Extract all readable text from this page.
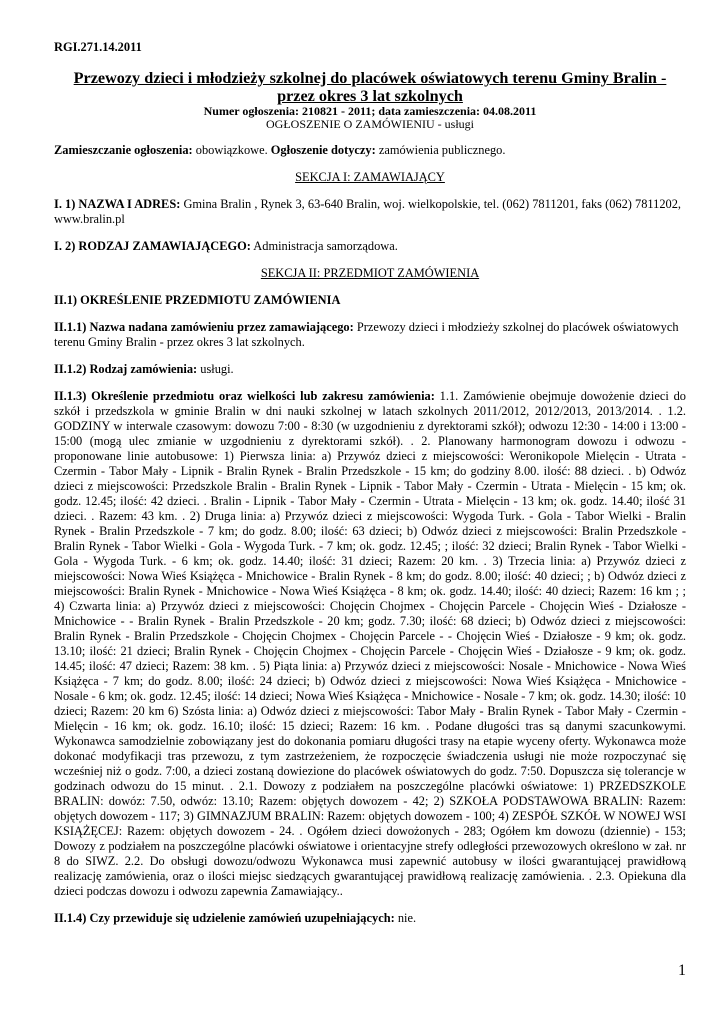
RGI.271.14.2011
Przewozy dzieci i młodzieży szkolnej do placówek oświatowych terenu Gminy Bralin -
przez okres 3 lat szkolnych
Numer ogłoszenia: 210821 - 2011; data zamieszczenia: 04.08.2011
OGŁOSZENIE O ZAMÓWIENIU - usługi

Zamieszczanie ogłoszenia: obowiązkowe. Ogłoszenie dotyczy: zamówienia publicznego.

SEKCJA I: ZAMAWIAJĄCY

I. 1) NAZWA I ADRES: Gmina Bralin , Rynek 3, 63-640 Bralin, woj. wielkopolskie, tel. (062) 7811201, faks (062) 7811202, www.bralin.pl

I. 2) RODZAJ ZAMAWIAJĄCEGO: Administracja samorządowa.

SEKCJA II: PRZEDMIOT ZAMÓWIENIA

II.1) OKREŚLENIE PRZEDMIOTU ZAMÓWIENIA

II.1.1) Nazwa nadana zamówieniu przez zamawiającego: Przewozy dzieci i młodzieży szkolnej do placówek oświatowych terenu Gminy Bralin - przez okres 3 lat szkolnych.

II.1.2) Rodzaj zamówienia: usługi.

II.1.3) Określenie przedmiotu oraz wielkości lub zakresu zamówienia: 1.1. Zamówienie obejmuje dowożenie dzieci do szkół i przedszkola w gminie Bralin w dni nauki szkolnej w latach szkolnych 2011/2012, 2012/2013, 2013/2014. . 1.2. GODZINY w interwale czasowym: dowozu 7:00 - 8:30 (w uzgodnieniu z dyrektorami szkół); odwozu 12:30 - 14:00 i 13:00 - 15:00 (mogą ulec zmianie w uzgodnieniu z dyrektorami szkół). . 2. Planowany harmonogram dowozu i odwozu - proponowane linie autobusowe: 1) Pierwsza linia: a) Przywóz dzieci z miejscowości: Weronikopole Mielęcin - Utrata - Czermin - Tabor Mały - Lipnik - Bralin Rynek - Bralin Przedszkole - 15 km; do godziny 8.00. ilość: 88 dzieci. . b) Odwóz dzieci z miejscowości: Przedszkole Bralin - Bralin Rynek - Lipnik - Tabor Mały - Czermin - Utrata - Mielęcin - 15 km; ok. godz. 12.45; ilość: 42 dzieci. . Bralin - Lipnik - Tabor Mały - Czermin - Utrata - Mielęcin - 13 km; ok. godz. 14.40; ilość 31 dzieci. . Razem: 43 km. . 2) Druga linia: a) Przywóz dzieci z miejscowości: Wygoda Turk. - Gola - Tabor Wielki - Bralin Rynek - Bralin Przedszkole - 7 km; do godz. 8.00; ilość: 63 dzieci; b) Odwóz dzieci z miejscowości: Bralin Przedszkole - Bralin Rynek - Tabor Wielki - Gola - Wygoda Turk. - 7 km; ok. godz. 12.45; ; ilość: 32 dzieci; Bralin Rynek - Tabor Wielki - Gola - Wygoda Turk. - 6 km; ok. godz. 14.40; ilość: 31 dzieci; Razem: 20 km. . 3) Trzecia linia: a) Przywóz dzieci z miejscowości: Nowa Wieś Książęca - Mnichowice - Bralin Rynek - 8 km; do godz. 8.00; ilość: 40 dzieci; ; b) Odwóz dzieci z miejscowości: Bralin Rynek - Mnichowice - Nowa Wieś Książęca - 8 km; ok. godz. 14.40; ilość: 40 dzieci; Razem: 16 km ; ; 4) Czwarta linia: a) Przywóz dzieci z miejscowości: Chojęcin Chojmex - Chojęcin Parcele - Chojęcin Wieś - Działosze - Mnichowice - - Bralin Rynek - Bralin Przedszkole - 20 km; godz. 7.30; ilość: 68 dzieci; b) Odwóz dzieci z miejscowości: Bralin Rynek - Bralin Przedszkole - Chojęcin Chojmex - Chojęcin Parcele - - Chojęcin Wieś - Działosze - 9 km; ok. godz. 13.10; ilość: 21 dzieci; Bralin Rynek - Chojęcin Chojmex - Chojęcin Parcele - Chojęcin Wieś - Działosze - 9 km; ok. godz. 14.45; ilość: 47 dzieci; Razem: 38 km. . 5) Piąta linia: a) Przywóz dzieci z miejscowości: Nosale - Mnichowice - Nowa Wieś Książęca - 7 km; do godz. 8.00; ilość: 24 dzieci; b) Odwóz dzieci z miejscowości: Nowa Wieś Książęca - Mnichowice - Nosale - 6 km; ok. godz. 12.45; ilość: 14 dzieci; Nowa Wieś Książęca - Mnichowice - Nosale - 7 km; ok. godz. 14.30; ilość: 10 dzieci; Razem: 20 km 6) Szósta linia: a) Odwóz dzieci z miejscowości: Tabor Mały - Bralin Rynek - Tabor Mały - Czermin - Mielęcin - 16 km; ok. godz. 16.10; ilość: 15 dzieci; Razem: 16 km. . Podane długości tras są danymi szacunkowymi. Wykonawca samodzielnie zobowiązany jest do dokonania pomiaru długości trasy na etapie wyceny oferty. Wykonawca może dokonać modyfikacji tras przewozu, z tym zastrzeżeniem, że rozpoczęcie świadczenia usługi nie może rozpoczynać się wcześniej niż o godz. 7:00, a dzieci zostaną dowiezione do placówek oświatowych do godz. 7:50. Dopuszcza się tolerancje w godzinach odwozu do 15 minut. . 2.1. Dowozy z podziałem na poszczególne placówki oświatowe: 1) PRZEDSZKOLE BRALIN: dowóz: 7.50, odwóz: 13.10; Razem: objętych dowozem - 42; 2) SZKOŁA PODSTAWOWA BRALIN: Razem: objętych dowozem - 117; 3) GIMNAZJUM BRALIN: Razem: objętych dowozem - 100; 4) ZESPÓŁ SZKÓŁ W NOWEJ WSI KSIĄŻĘCEJ: Razem: objętych dowozem - 24. . Ogółem dzieci dowożonych - 283; Ogółem km dowozu (dziennie) - 153; Dowozy z podziałem na poszczególne placówki oświatowe i orientacyjne strefy odległości przewozowych określono w zał. nr 8 do SIWZ. 2.2. Do obsługi dowozu/odwozu Wykonawca musi zapewnić autobusy w ilości gwarantującej prawidłową realizację zamówienia, oraz o ilości miejsc siedzących gwarantującej prawidłową realizację zamówienia. . 2.3. Opiekuna dla dzieci podczas dowozu i odwozu zapewnia Zamawiający..

II.1.4) Czy przewiduje się udzielenie zamówień uzupełniających: nie.

1
